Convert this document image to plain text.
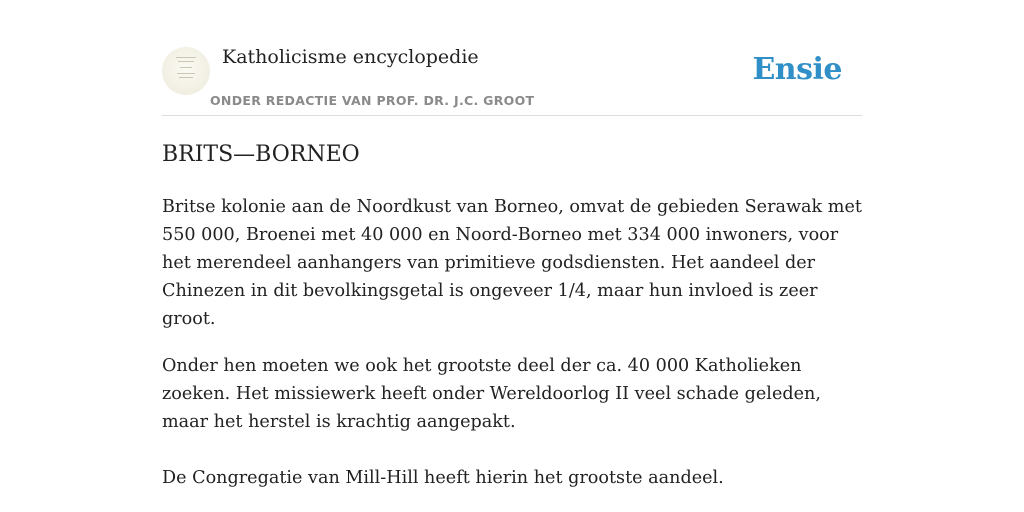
Katholicisme encyclopedie
ONDER REDACTIE VAN PROF. DR. J.C. GROOT
Ensie
BRITS—BORNEO

Britse kolonie aan de Noordkust van Borneo, omvat de gebieden Serawak met 550 000, Broenei met 40 000 en Noord-Borneo met 334 000 inwoners, voor het merendeel aanhangers van primitieve godsdiensten. Het aandeel der Chinezen in dit bevolkingsgetal is ongeveer 1/4, maar hun invloed is zeer groot.

Onder hen moeten we ook het grootste deel der ca. 40 000 Katholieken zoeken. Het missiewerk heeft onder Wereldoorlog II veel schade geleden, maar het herstel is krachtig aangepakt.

De Congregatie van Mill-Hill heeft hierin het grootste aandeel.
